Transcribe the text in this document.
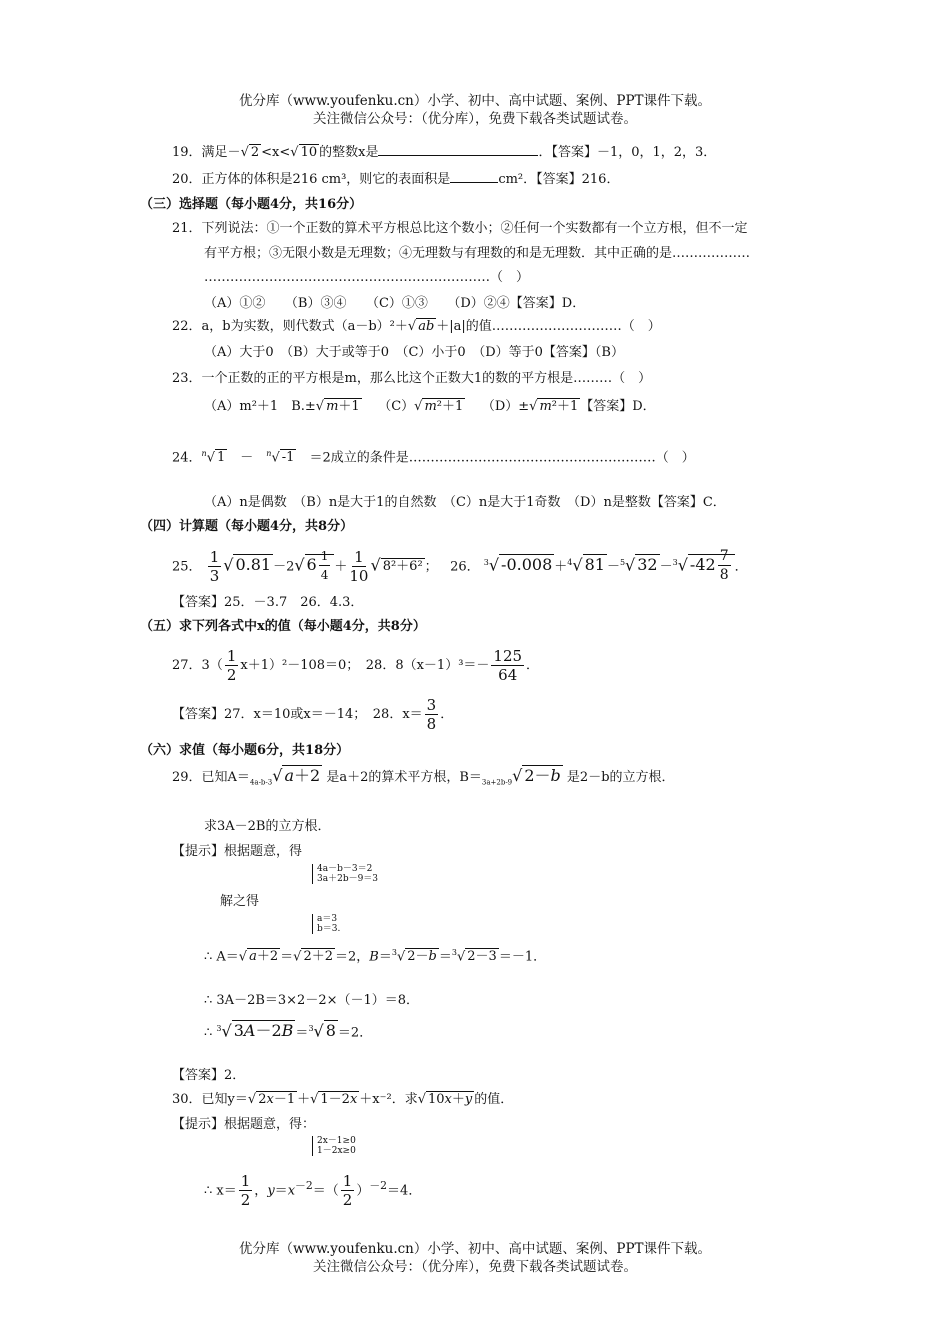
优分库（www.youfenku.cn）小学、初中、高中试题、案例、PPT课件下载。
关注微信公众号：（优分库），免费下载各类试题试卷。
19．满足－√ 2 <x<√ 10 的整数x是	．【答案】－1，0，1，2，3．
20．正方体的体积是216 cm³，则它的表面积是	cm²．【答案】216．
（三）选择题（每小题4分，共16分）
21．下列说法：①一个正数的算术平方根总比这个数小；②任何一个实数都有一个立方根，但不一定
有平方根；③无限小数是无理数；④无理数与有理数的和是无理数．其中正确的是………………
…………………………………………………………（　）
（A）①②　　（B）③④　　（C）①③　　（D）②④【答案】D．
22．a，b为实数，则代数式（a－b）²＋√ ab ＋|a|的值…………………………（　）
（A）大于0　（B）大于或等于0　（C）小于0　（D）等于0【答案】（B）
23．一个正数的正的平方根是m，那么比这个正数大1的数的平方根是………（　）
（A）m²＋1　B.±√ m＋1 （C）√ m²＋1 （D）±√ m²＋1 【答案】D．
24．$^n$√ 1　－　$^n$√ -1　 ＝2成立的条件是…………………………………………………（　）
（A）n是偶数　（B）n是大于1的自然数　（C）n是大于1奇数　（D）n是整数【答案】C．
（四）计算题（每小题4分，共8分）
25． $\frac{1}{3}$ √ 0.81 －2√ $6 \frac{1}{4} + \frac{1}{10}$ √ 8²＋6² ；   26． $^3$√ -0.008 ＋$^4$√ 81 －$^5$√ 32 －$^3$√ $-42 \frac{7}{8}$ ．
【答案】25．－3.7　26．4.3．
（五）求下列各式中x的值（每小题4分，共8分）
27．$3( \frac{1}{2} x+1)^2-108=0$；　28．$8(x-1)^3=- \frac{125}{64}$ ．
【答案】27．x＝10或x＝－14；　28．$x= \frac{3}{8}$ ．
（六）求值（每小题6分，共18分）
29．已知$A=_{4a-b-3}√$ a＋2 是a＋2的算术平方根，$B=_{3a+2b-9}√$ 2－b 是2－b的立方根．
求3A－2B的立方根．
【提示】根据题意，得
4a－b－3＝2
3a＋2b－9＝3
解之得
a＝3
b＝3.
∴ A＝√ a＋2 ＝√ 2＋2 ＝2，B＝$^3$√ 2－b ＝$^3$√ 2－3 ＝－1．
∴ 3A－2B＝3×2－2×（－1）＝8．
∴ $^3$√ 3A－2B ＝$^3$√ 8 ＝2．
【答案】2．
30．已知y＝√ 2x－1 ＋√ 1－2x ＋x⁻²．求√ 10x＋y 的值．
【提示】根据题意，得：
2x－1≥0
1－2x≥0
∴ $x= \frac{1}{2}$ ，$y=x^{-2}=( \frac{1}{2} )^{-2}=4$．
优分库（www.youfenku.cn）小学、初中、高中试题、案例、PPT课件下载。
关注微信公众号：（优分库），免费下载各类试题试卷。
